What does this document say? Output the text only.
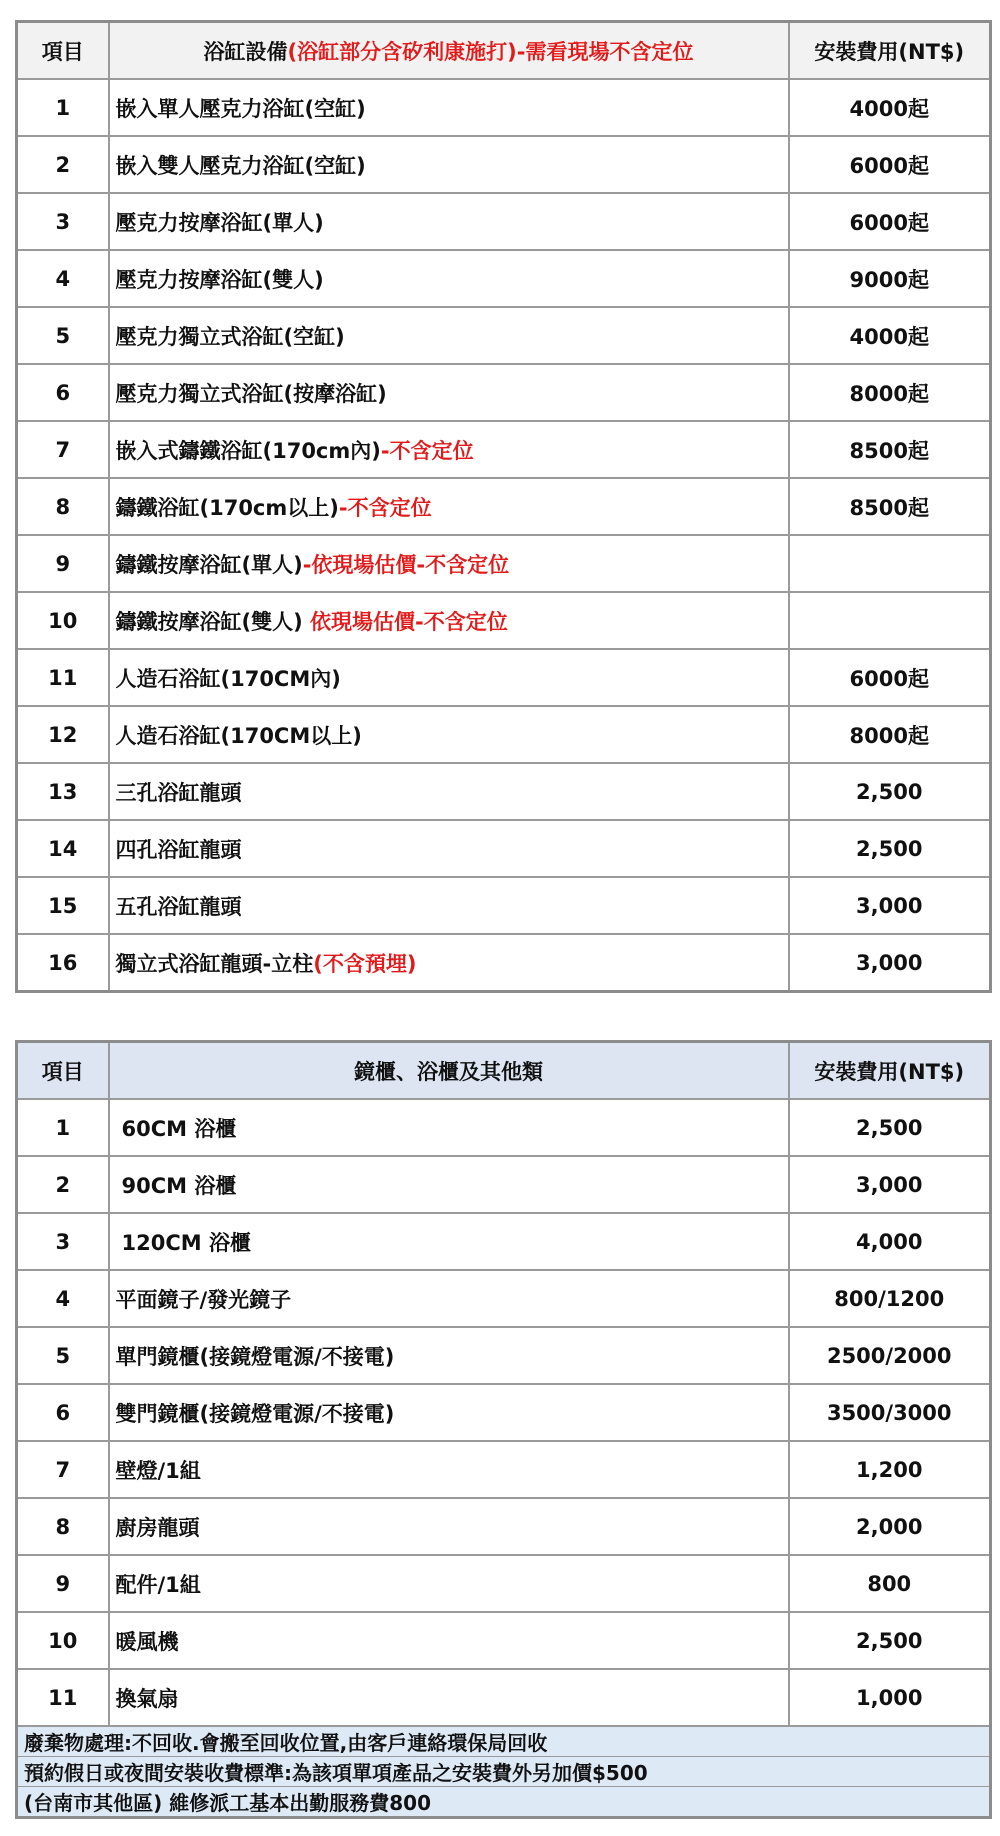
項目	浴缸設備(浴缸部分含矽利康施打)-需看現場不含定位	安裝費用(NT$)
1	嵌入單人壓克力浴缸(空缸)	4000起
2	嵌入雙人壓克力浴缸(空缸)	6000起
3	壓克力按摩浴缸(單人)	6000起
4	壓克力按摩浴缸(雙人)	9000起
5	壓克力獨立式浴缸(空缸)	4000起
6	壓克力獨立式浴缸(按摩浴缸)	8000起
7	嵌入式鑄鐵浴缸(170cm內)-不含定位	8500起
8	鑄鐵浴缸(170cm以上)-不含定位	8500起
9	鑄鐵按摩浴缸(單人)-依現場估價-不含定位	
10	鑄鐵按摩浴缸(雙人) 依現場估價-不含定位	
11	人造石浴缸(170CM內)	6000起
12	人造石浴缸(170CM以上)	8000起
13	三孔浴缸龍頭	2,500
14	四孔浴缸龍頭	2,500
15	五孔浴缸龍頭	3,000
16	獨立式浴缸龍頭-立柱(不含預埋)	3,000
項目	鏡櫃、浴櫃及其他類	安裝費用(NT$)
1	60CM 浴櫃	2,500
2	90CM 浴櫃	3,000
3	120CM 浴櫃	4,000
4	平面鏡子/發光鏡子	800/1200
5	單門鏡櫃(接鏡燈電源/不接電)	2500/2000
6	雙門鏡櫃(接鏡燈電源/不接電)	3500/3000
7	壁燈/1組	1,200
8	廚房龍頭	2,000
9	配件/1組	800
10	暖風機	2,500
11	換氣扇	1,000
廢棄物處理:不回收.會搬至回收位置,由客戶連絡環保局回收		
預約假日或夜間安裝收費標準:為該項單項產品之安裝費外另加價$500		
(台南市其他區) 維修派工基本出勤服務費800		
